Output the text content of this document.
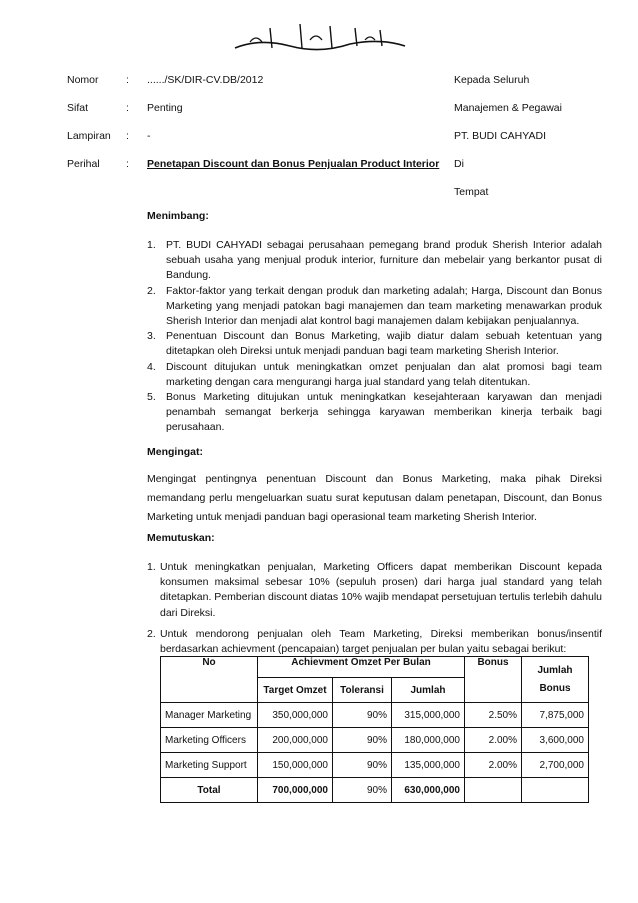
Nomor	: ....../SK/DIR-CV.DB/2012	Kepada Seluruh
Sifat	: Penting	Manajemen & Pegawai
Lampiran : -	PT. BUDI CAHYADI
Perihal	: Penetapan Discount dan Bonus Penjualan Product Interior Di
Tempat
Menimbang:
1. PT. BUDI CAHYADI sebagai perusahaan pemegang brand produk Sherish Interior adalah sebuah usaha yang menjual produk interior, furniture dan mebelair yang berkantor pusat di Bandung.
2. Faktor-faktor yang terkait dengan produk dan marketing adalah; Harga, Discount dan Bonus Marketing yang menjadi patokan bagi manajemen dan team marketing menawarkan produk Sherish Interior dan menjadi alat kontrol bagi manajemen dalam kebijakan penjualannya.
3. Penentuan Discount dan Bonus Marketing, wajib diatur dalam sebuah ketentuan yang ditetapkan oleh Direksi untuk menjadi panduan bagi team marketing Sherish Interior.
4. Discount ditujukan untuk meningkatkan omzet penjualan dan alat promosi bagi team marketing dengan cara mengurangi harga jual standard yang telah ditentukan.
5. Bonus Marketing ditujukan untuk meningkatkan kesejahteraan karyawan dan menjadi penambah semangat berkerja sehingga karyawan memberikan kinerja terbaik bagi perusahaan.
Mengingat:
Mengingat pentingnya penentuan Discount dan Bonus Marketing, maka pihak Direksi memandang perlu mengeluarkan suatu surat keputusan dalam penetapan, Discount, dan Bonus Marketing untuk menjadi panduan bagi operasional team marketing Sherish Interior.
Memutuskan:
1. Untuk meningkatkan penjualan, Marketing Officers dapat memberikan Discount kepada konsumen maksimal sebesar 10% (sepuluh prosen) dari harga jual standard yang telah ditetapkan. Pemberian discount diatas 10% wajib mendapat persetujuan tertulis terlebih dahulu dari Direksi.
2. Untuk mendorong penjualan oleh Team Marketing, Direksi memberikan bonus/insentif berdasarkan achievment (pencapaian) target penjualan per bulan yaitu sebagai berikut:
No	Achievment Omzet Per Bulan			Bonus	Jumlah Bonus
	Target Omzet	Toleransi	Jumlah		
Manager Marketing	350,000,000	90%	315,000,000	2.50%	7,875,000
Marketing Officers	200,000,000	90%	180,000,000	2.00%	3,600,000
Marketing Support	150,000,000	90%	135,000,000	2.00%	2,700,000
Total	700,000,000	90%	630,000,000		
